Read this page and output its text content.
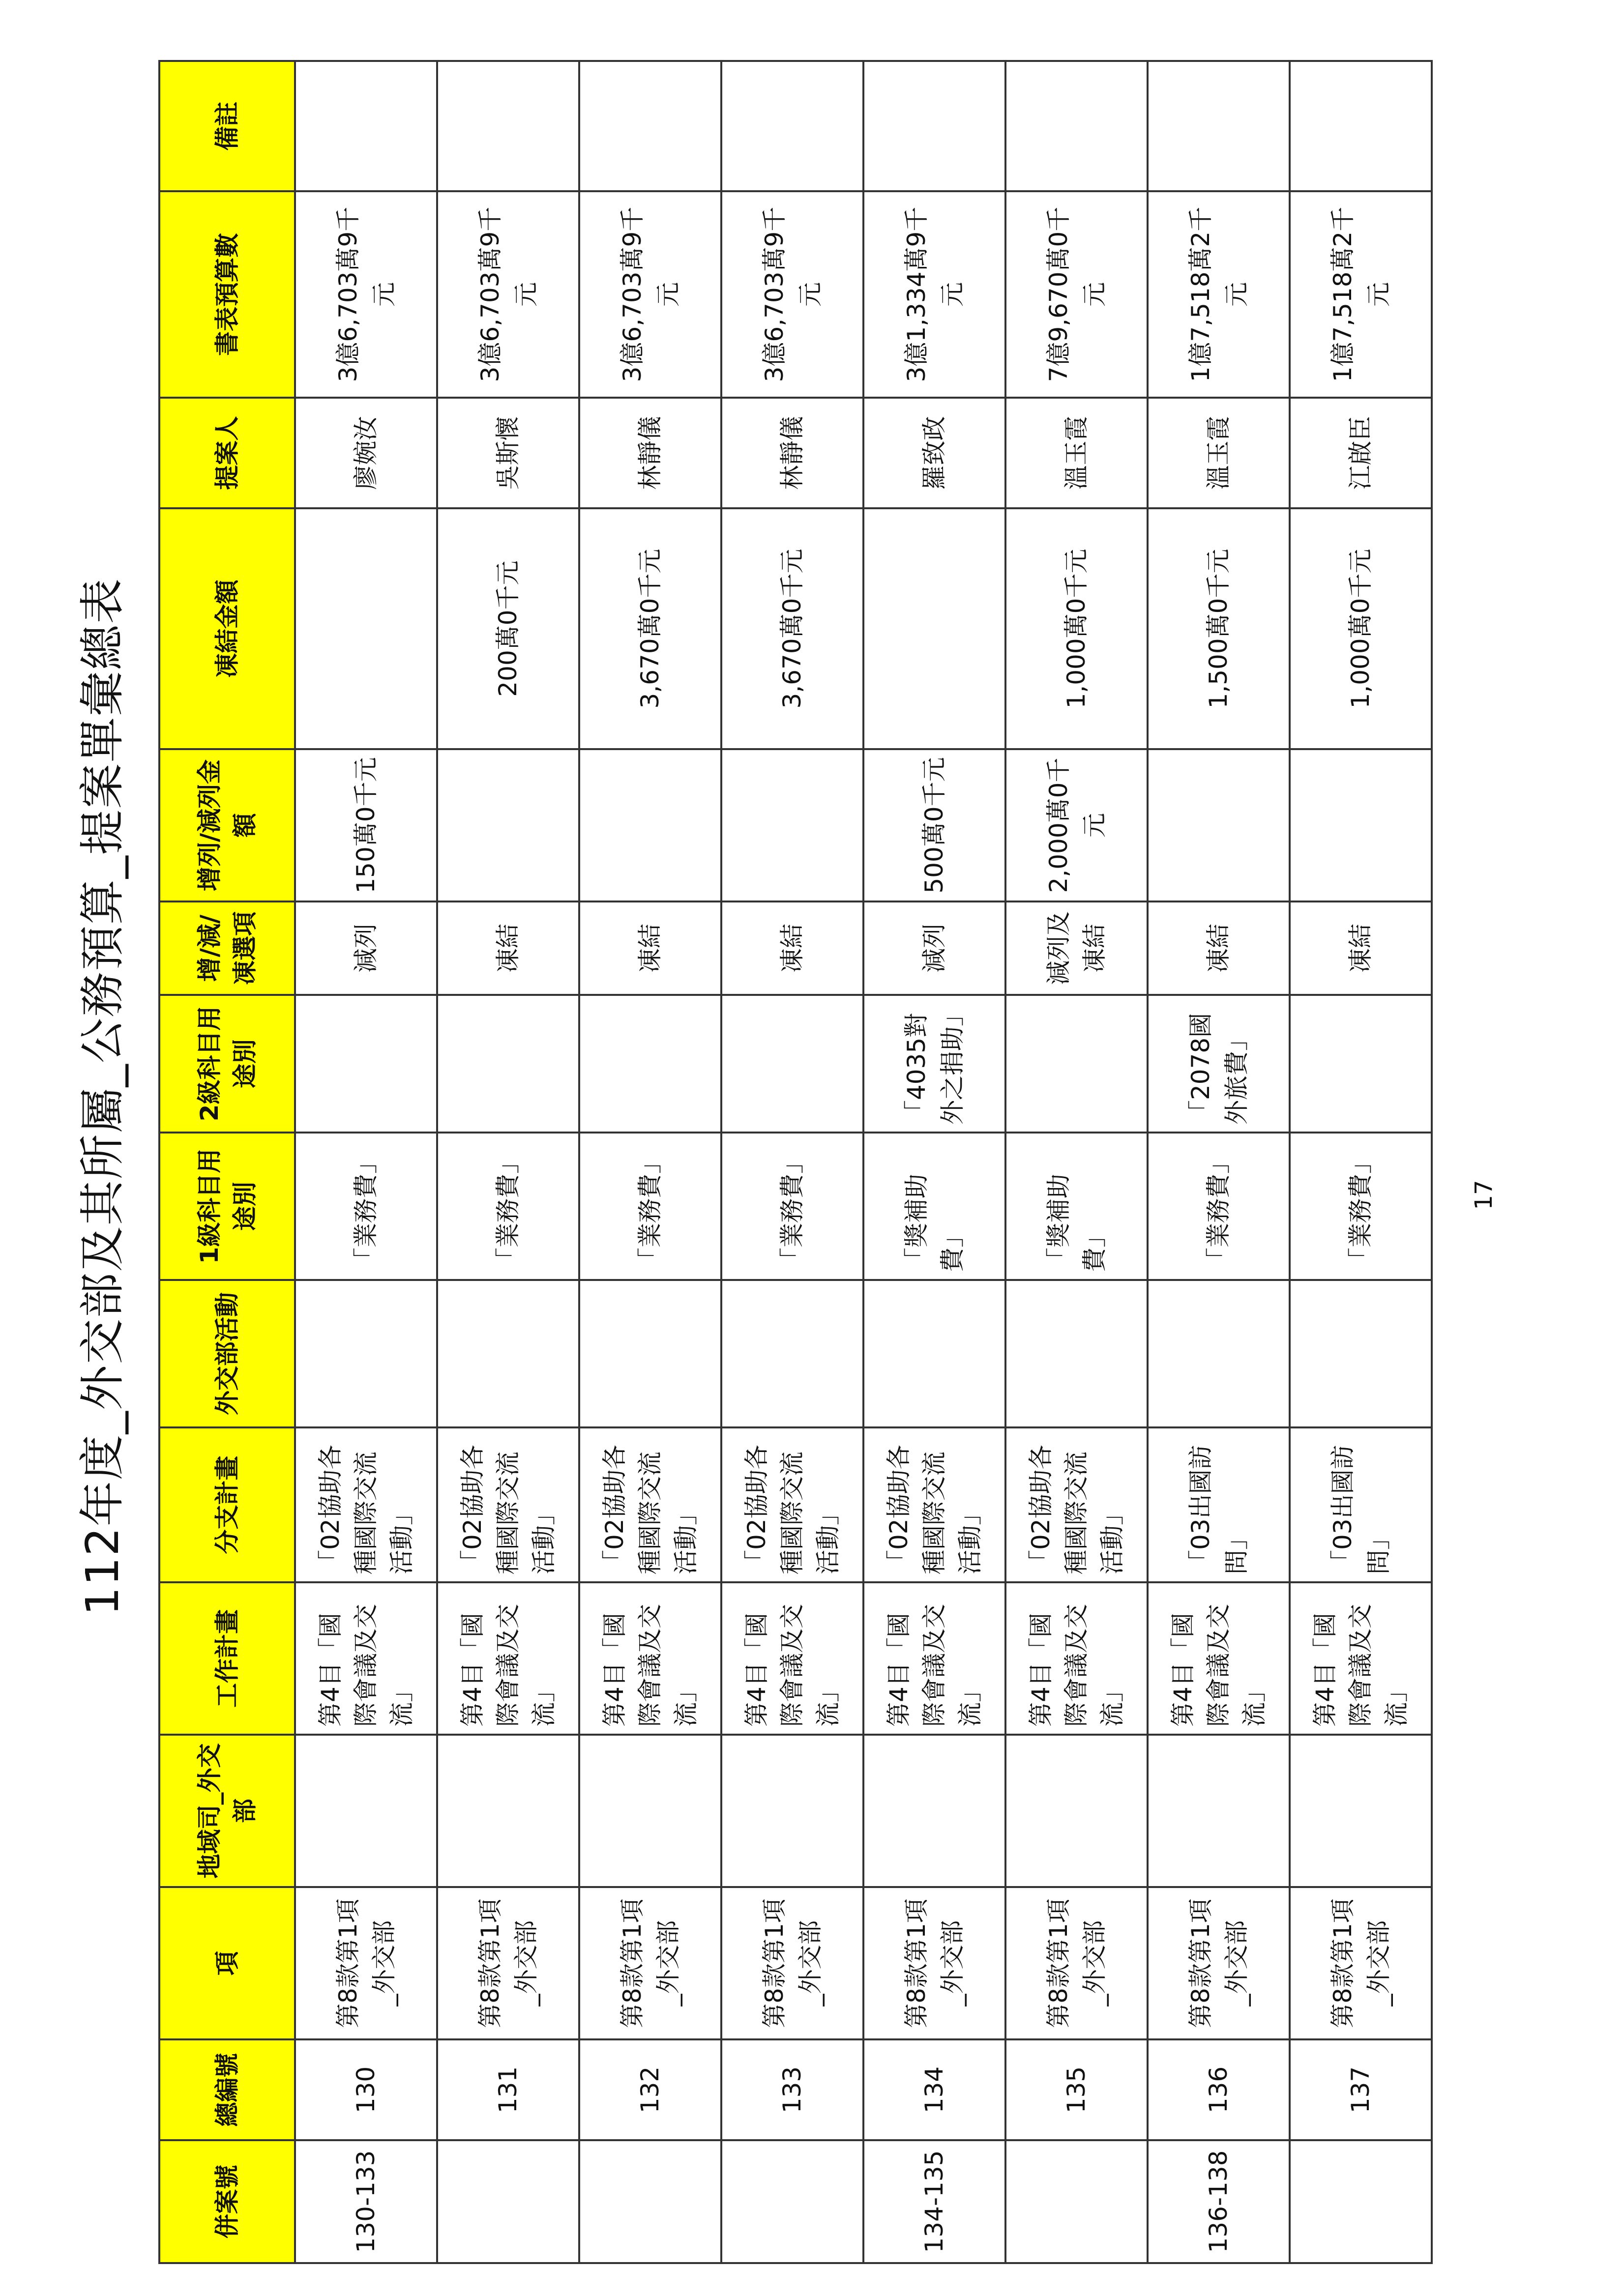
112年度_外交部及其所屬_公務預算_提案單彙總表
併案號	總編號	項	地域司_外交部	工作計畫	分支計畫	外交部活動	1級科目用途別	2級科目用途別	增/減/凍選項	增列/減列金額	凍結金額	提案人	書表預算數	備註
130-133	130	第8款第1項_外交部		第4目「國際會議及交流」	「02協助各種國際交流活動」		「業務費」		減列	150萬0千元		廖婉汝	3億6,703萬9千元	
	131	第8款第1項_外交部		第4目「國際會議及交流」	「02協助各種國際交流活動」		「業務費」		凍結		200萬0千元	吳斯懷	3億6,703萬9千元	
	132	第8款第1項_外交部		第4目「國際會議及交流」	「02協助各種國際交流活動」		「業務費」		凍結		3,670萬0千元	林靜儀	3億6,703萬9千元	
	133	第8款第1項_外交部		第4目「國際會議及交流」	「02協助各種國際交流活動」		「業務費」		凍結		3,670萬0千元	林靜儀	3億6,703萬9千元	
134-135	134	第8款第1項_外交部		第4目「國際會議及交流」	「02協助各種國際交流活動」		「獎補助費」	「4035對外之捐助」	減列	500萬0千元		羅致政	3億1,334萬9千元	
	135	第8款第1項_外交部		第4目「國際會議及交流」	「02協助各種國際交流活動」		「獎補助費」		減列及凍結	2,000萬0千元	1,000萬0千元	溫玉霞	7億9,670萬0千元	
136-138	136	第8款第1項_外交部		第4目「國際會議及交流」	「03出國訪問」		「業務費」	「2078國外旅費」	凍結		1,500萬0千元	溫玉霞	1億7,518萬2千元	
	137	第8款第1項_外交部		第4目「國際會議及交流」	「03出國訪問」		「業務費」		凍結		1,000萬0千元	江啟臣	1億7,518萬2千元	
17
